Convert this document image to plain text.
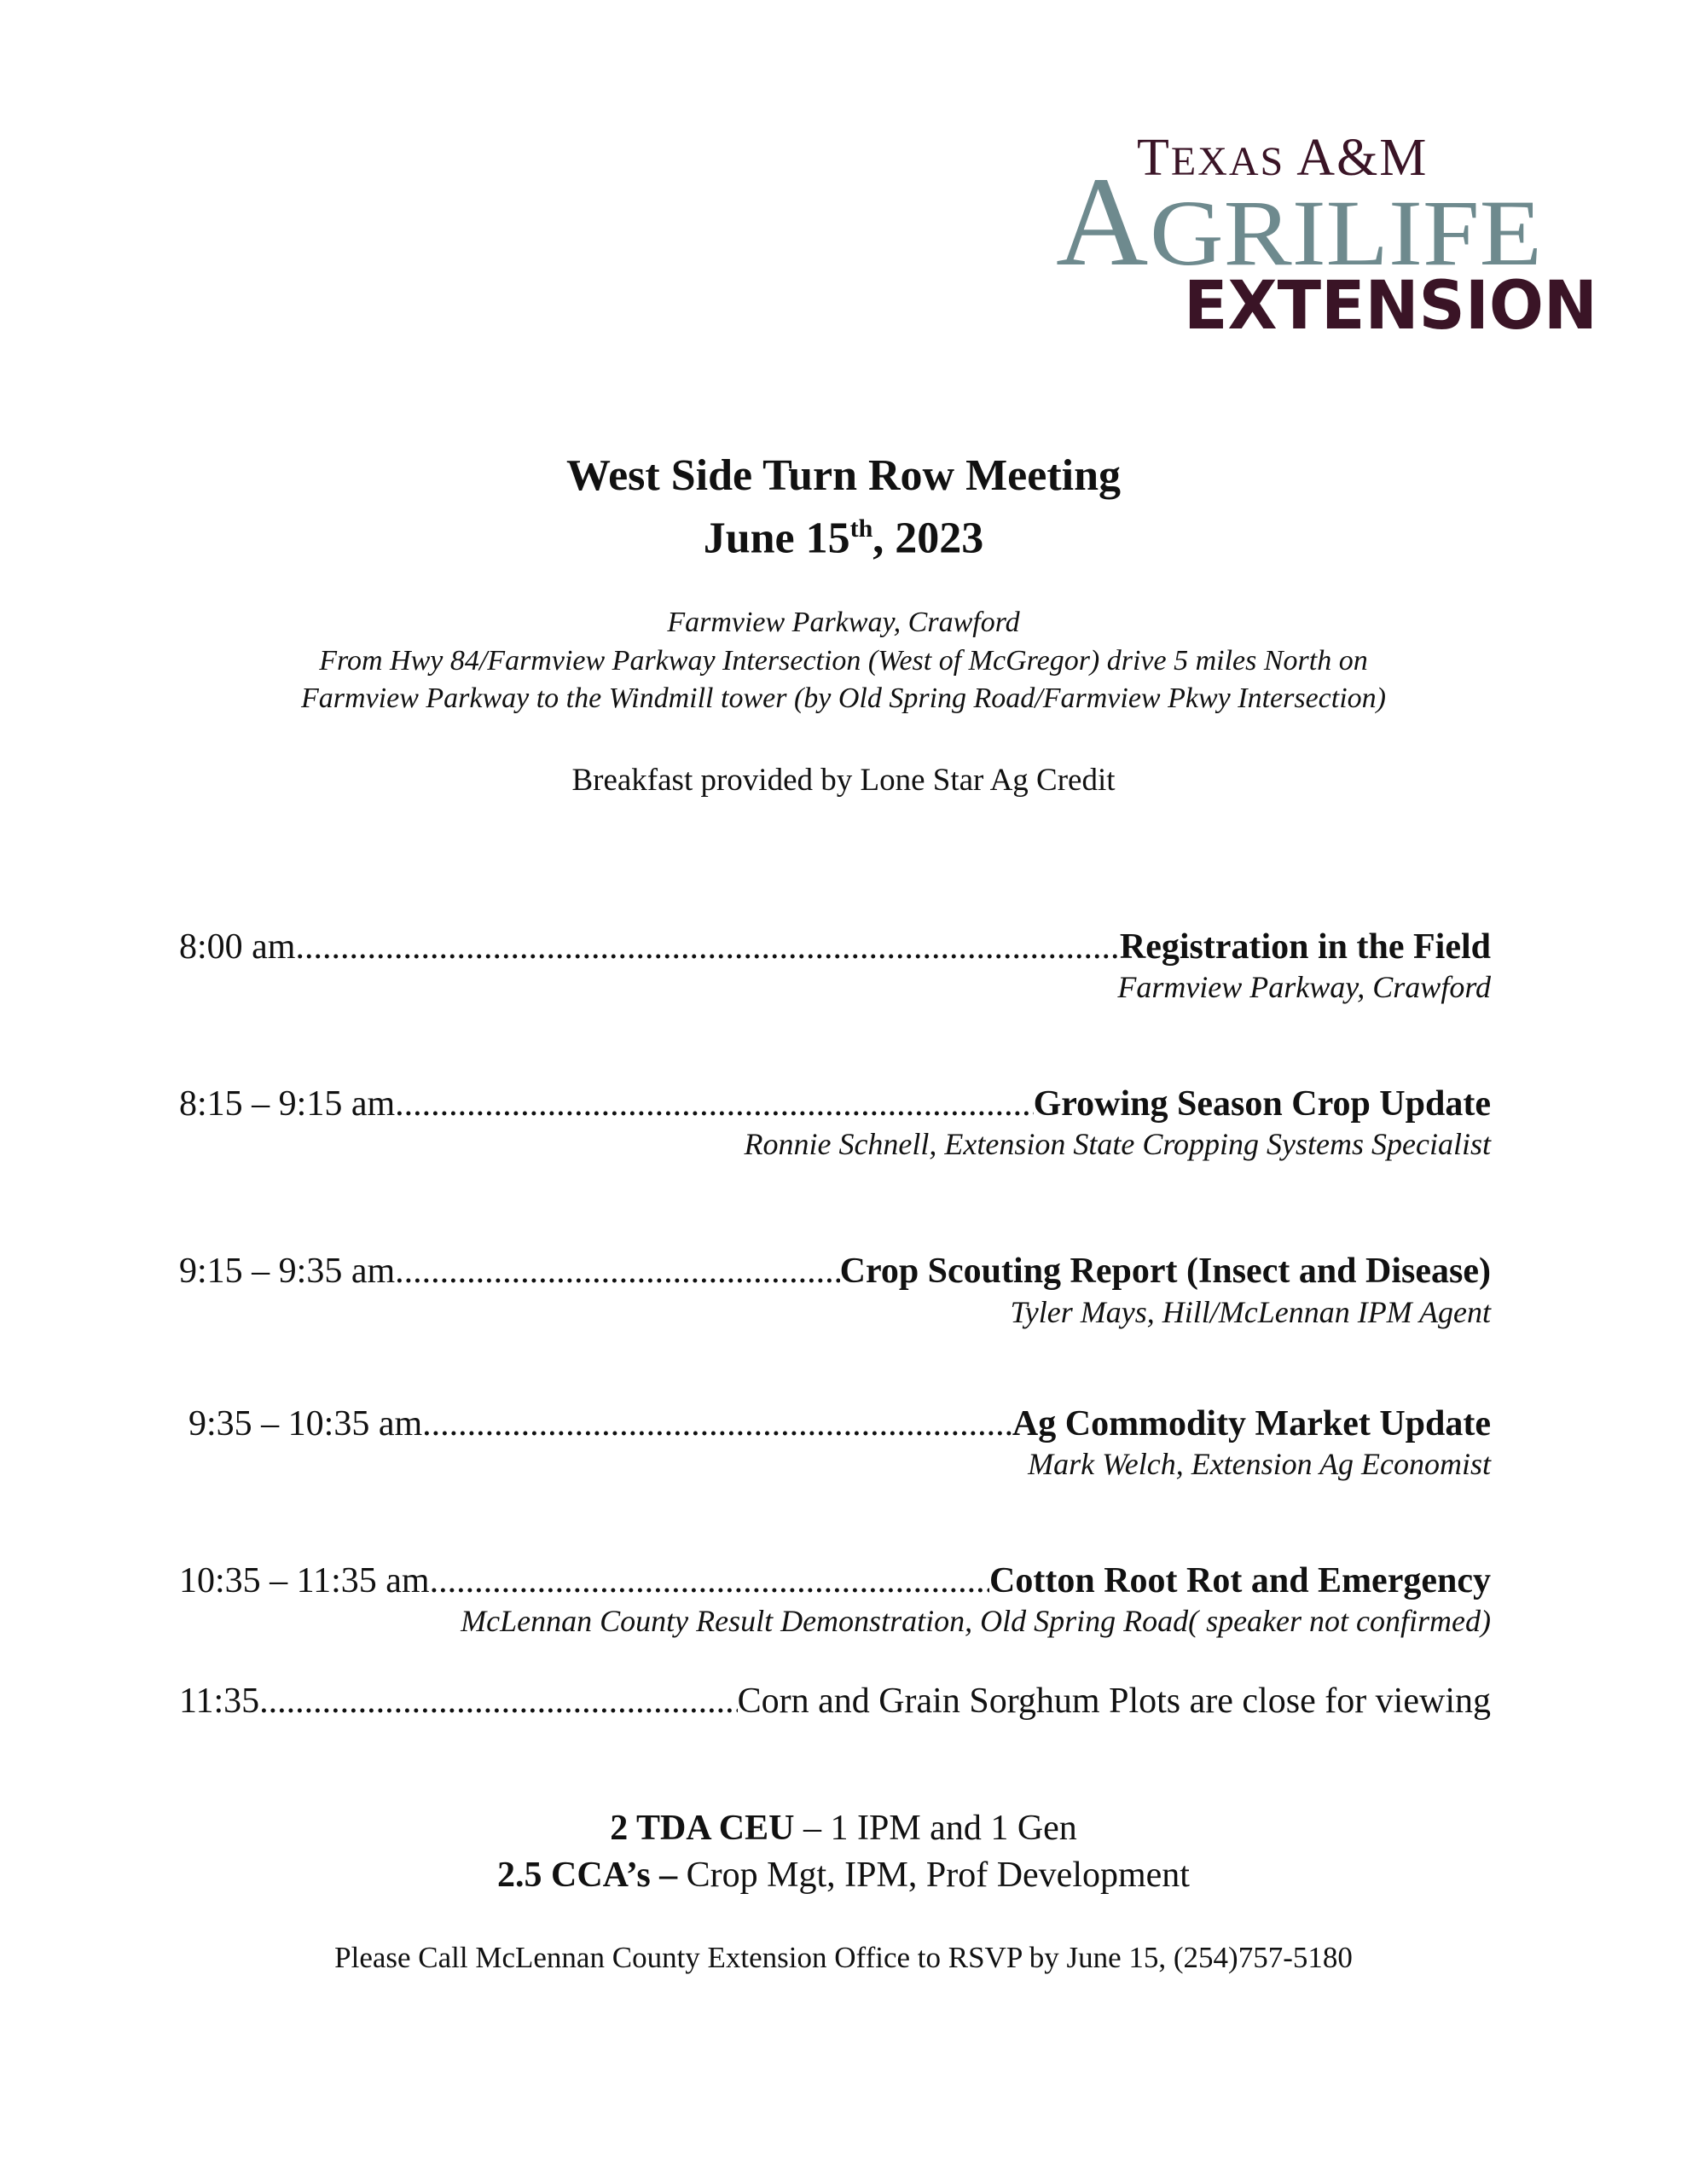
TEXAS A&M
A GRILIFE
EXTENSION
West Side Turn Row Meeting
June 15th, 2023
Farmview Parkway, Crawford
From Hwy 84/Farmview Parkway Intersection (West of McGregor) drive 5 miles North on
Farmview Parkway to the Windmill tower (by Old Spring Road/Farmview Pkwy Intersection)
Breakfast provided by Lone Star Ag Credit
8:00 am .....	Registration in the Field
Farmview Parkway, Crawford
8:15 – 9:15 am .....	Growing Season Crop Update
Ronnie Schnell, Extension State Cropping Systems Specialist
9:15 – 9:35 am .....	Crop Scouting Report (Insect and Disease)
Tyler Mays, Hill/McLennan IPM Agent
9:35 – 10:35 am .....	Ag Commodity Market Update
Mark Welch, Extension Ag Economist
10:35 – 11:35 am .....	Cotton Root Rot and Emergency
McLennan County Result Demonstration, Old Spring Road( speaker not confirmed)
11:35 .....	Corn and Grain Sorghum Plots are close for viewing
2 TDA CEU – 1 IPM and 1 Gen
2.5 CCA’s – Crop Mgt, IPM, Prof Development
Please Call McLennan County Extension Office to RSVP by June 15, (254)757-5180
